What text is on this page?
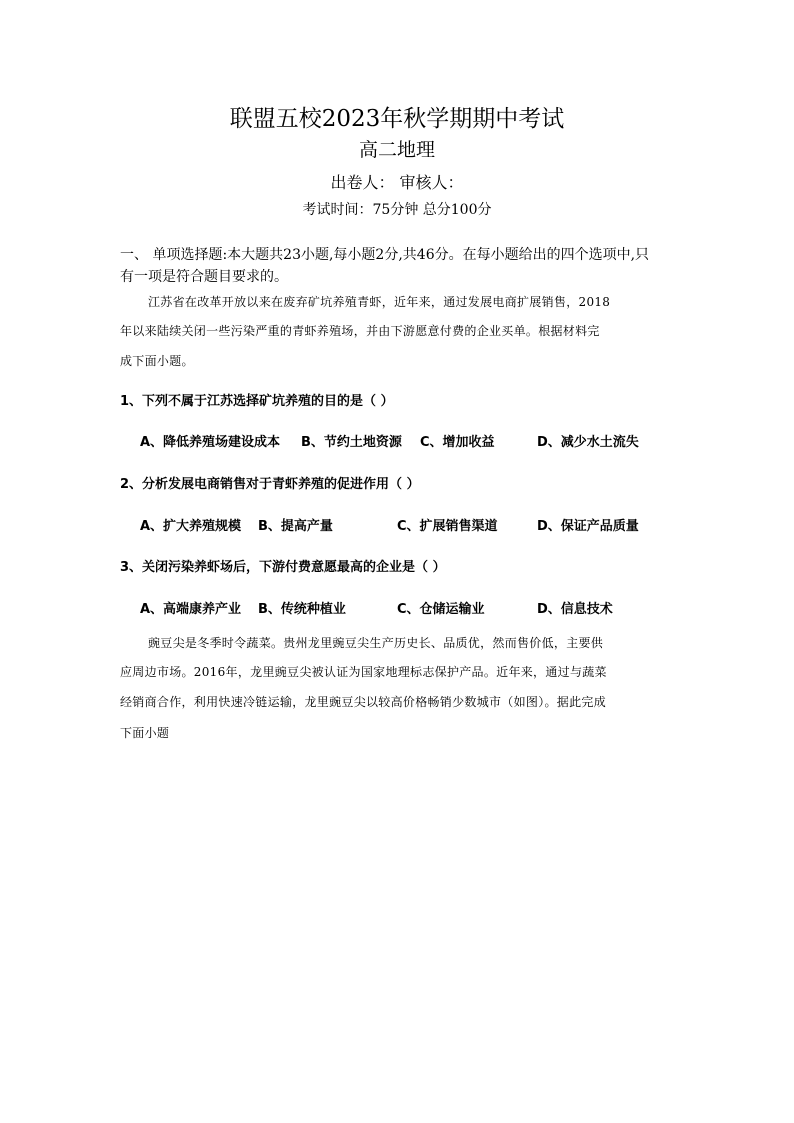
联盟五校2023年秋学期期中考试
高二地理
出卷人： 审核人：
考试时间：75分钟 总分100分
一、 单项选择题:本大题共23小题,每小题2分,共46分。在每小题给出的四个选项中,只
有一项是符合题目要求的。
江苏省在改革开放以来在废弃矿坑养殖青虾，近年来，通过发展电商扩展销售，2018
年以来陆续关闭一些污染严重的青虾养殖场，并由下游愿意付费的企业买单。根据材料完
成下面小题。
1、下列不属于江苏选择矿坑养殖的目的是（ ）
A、降低养殖场建设成本 B、节约土地资源 C、增加收益	D、减少水土流失
2、分析发展电商销售对于青虾养殖的促进作用（ ）
A、扩大养殖规模 B、提高产量	C、扩展销售渠道	D、保证产品质量
3、关闭污染养虾场后，下游付费意愿最高的企业是（ ）
A、高端康养产业 B、传统种植业	C、仓储运输业	D、信息技术
豌豆尖是冬季时令蔬菜。贵州龙里豌豆尖生产历史长、品质优，然而售价低，主要供
应周边市场。2016年，龙里豌豆尖被认证为国家地理标志保护产品。近年来，通过与蔬菜
经销商合作，利用快速冷链运输，龙里豌豆尖以较高价格畅销少数城市（如图）。据此完成
下面小题
